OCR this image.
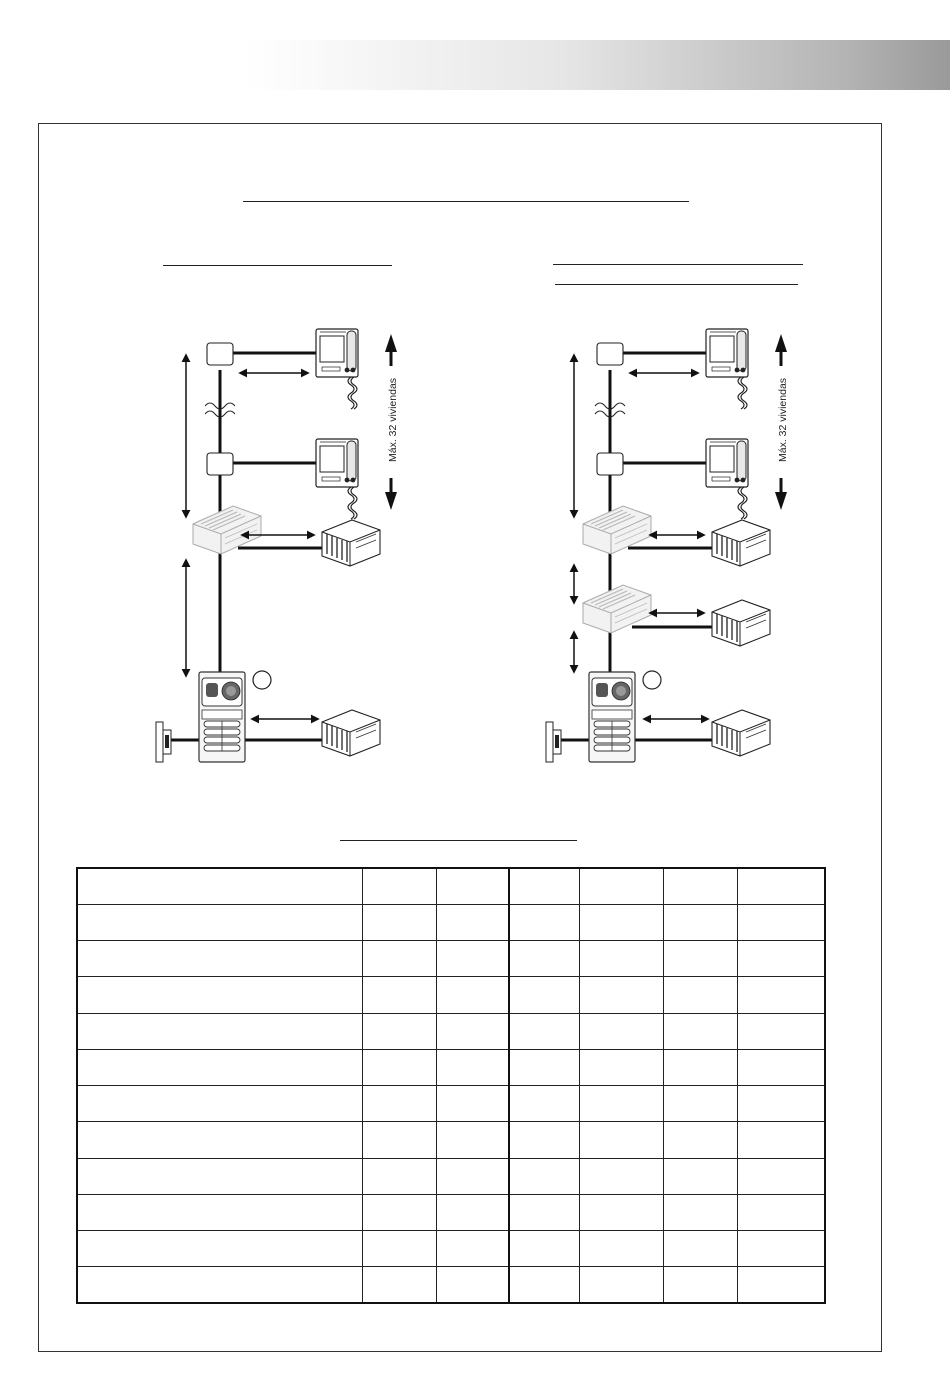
Máx. 32 viviendas	Máx. 32 viviendas
